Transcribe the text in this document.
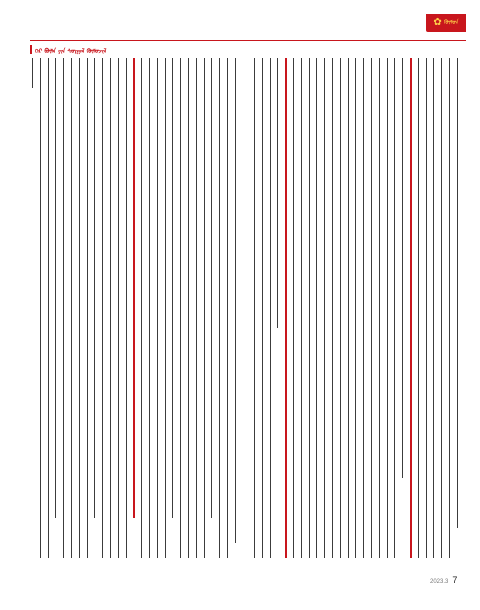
✿ ᠬᠦᠮᠦᠨ
ᠭᠡᠷ ᠪᠦᠯᠡ ᠶᠢᠨ ᠰᠤᠷᠭᠠᠯ ᠬᠦᠮᠦᠵᠢᠯ
2023.3 7
